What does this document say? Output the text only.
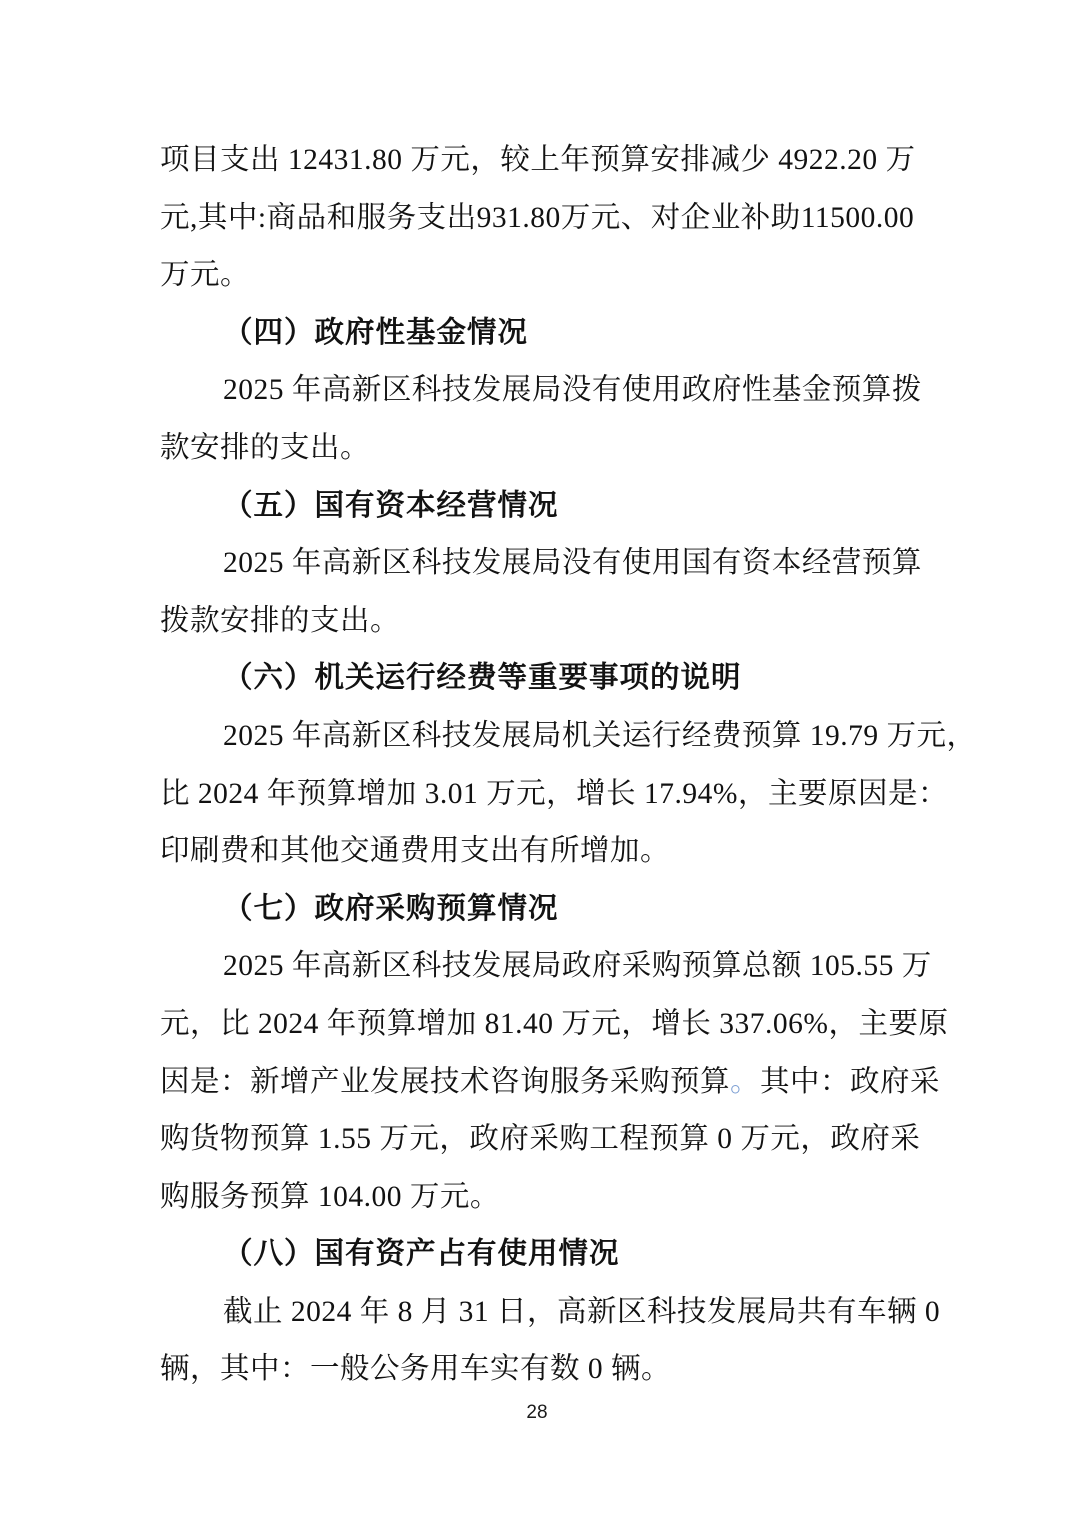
项目支出 12431.80 万元，较上年预算安排减少 4922.20 万
元,其中:商品和服务支出931.80万元、对企业补助11500.00
万元。
（四）政府性基金情况
2025 年高新区科技发展局没有使用政府性基金预算拨
款安排的支出。
（五）国有资本经营情况
2025 年高新区科技发展局没有使用国有资本经营预算
拨款安排的支出。
（六）机关运行经费等重要事项的说明
2025 年高新区科技发展局机关运行经费预算 19.79 万元，
比 2024 年预算增加 3.01 万元，增长 17.94%，主要原因是：
印刷费和其他交通费用支出有所增加。
（七）政府采购预算情况
2025 年高新区科技发展局政府采购预算总额 105.55 万
元，比 2024 年预算增加 81.40 万元，增长 337.06%，主要原
因是：新增产业发展技术咨询服务采购预算。其中：政府采
购货物预算 1.55 万元，政府采购工程预算 0 万元，政府采
购服务预算 104.00 万元。
（八）国有资产占有使用情况
截止 2024 年 8 月 31 日，高新区科技发展局共有车辆 0
辆，其中：一般公务用车实有数 0 辆。
28
